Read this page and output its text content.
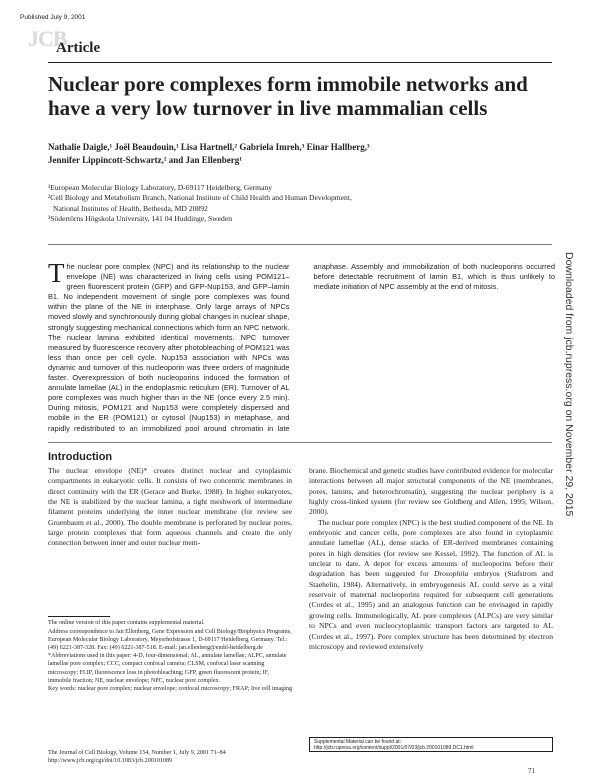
Published July 9, 2001
JCB
Article
Nuclear pore complexes form immobile networks and have a very low turnover in live mammalian cells
Nathalie Daigle,¹ Joël Beaudouin,¹ Lisa Hartnell,² Gabriela Imreh,³ Einar Hallberg,³
Jennifer Lippincott-Schwartz,² and Jan Ellenberg¹
¹European Molecular Biology Laboratory, D-69117 Heidelberg, Germany
²Cell Biology and Metabolism Branch, National Institute of Child Health and Human Development,
National Institutes of Health, Bethesda, MD 20892
³Södertörns Högskola University, 141 04 Huddinge, Sweden
The nuclear pore complex (NPC) and its relationship to the nuclear envelope (NE) was characterized in living cells using POM121–green fluorescent protein (GFP) and GFP-Nup153, and GFP–lamin B1. No independent movement of single pore complexes was found within the plane of the NE in interphase. Only large arrays of NPCs moved slowly and synchronously during global changes in nuclear shape, strongly suggesting mechanical connections which form an NPC network. The nuclear lamina exhibited identical movements. NPC turnover measured by fluorescence recovery after photobleaching of POM121 was less than once per cell cycle. Nup153 association with NPCs was dynamic and turnover of this nucleoporin was three orders of magnitude faster. Overexpression of both nucleoporins induced the formation of annulate lamellae (AL) in the endoplasmic reticulum (ER). Turnover of AL pore complexes was much higher than in the NE (once every 2.5 min). During mitosis, POM121 and Nup153 were completely dispersed and mobile in the ER (POM121) or cytosol (Nup153) in metaphase, and rapidly redistributed to an immobilized pool around chromatin in late anaphase. Assembly and immobilization of both nucleoporins occurred before detectable recruitment of lamin B1, which is thus unlikely to mediate initiation of NPC assembly at the end of mitosis.	Downloaded from jcb.rupress.org on November 29, 2015
Introduction

The nuclear envelope (NE)* creates distinct nuclear and cytoplasmic compartments in eukaryotic cells. It consists of two concentric membranes in direct continuity with the ER (Gerace and Burke, 1988). In higher eukaryotes, the NE is stabilized by the nuclear lamina, a tight meshwork of intermediate filament proteins underlying the inner nuclear membrane (for review see Gruenbaum et al., 2000). The double membrane is perforated by nuclear pores, large protein complexes that form aqueous channels and create the only connection between inner and outer nuclear mem-

brane. Biochemical and genetic studies have contributed evidence for molecular interactions between all major structural components of the NE (membranes, pores, lamins, and heterochromatin), suggesting the nuclear periphery is a highly cross-linked system (for review see Goldberg and Allen, 1995; Wilson, 2000).

The nuclear pore complex (NPC) is the best studied component of the NE. In embryonic and cancer cells, pore complexes are also found in cytoplasmic annulate lamellae (AL), dense stacks of ER-derived membranes containing pores in high densities (for review see Kessel, 1992). The function of AL is unclear to date. A depot for excess amounts of nucleoporins before their degradation has been suggested for Drosophila embryos (Stafstrom and Staehelin, 1984). Alternatively, in embryogenesis AL could serve as a vital reservoir of maternal nucleoporins required for subsequent cell generations (Cordes et al., 1995) and an analogous function can be envisaged in rapidly growing cells. Immunologically, AL pore complexes (ALPCs) are very similar to NPCs and even nucleocytoplasmic transport factors are targeted to AL (Cordes et al., 1997). Pore complex structure has been determined by electron microscopy and reviewed extensively

The online version of this paper contains supplemental material.
Address correspondence to Jan Ellenberg, Gene Expression and Cell Biology/Biophysics Programs, European Molecular Biology Laboratory, Meyerhofstrasse 1, D-69117 Heidelberg, Germany. Tel.: (49) 6221-387-328. Fax: (49) 6221-387-518. E-mail: jan.ellenberg@embl-heidelberg.de
*Abbreviations used in this paper: 4-D, four-dimensional; AL, annulate lamellae; ALPC, annulate lamellae pore complex; CCC, compact confocal camera; CLSM, confocal laser scanning microscopy; FLIP, fluorescence loss in photobleaching; GFP, green fluorescent protein; IF, immobile fraction; NE, nuclear envelope; NPC, nuclear pore complex.
Key words: nuclear pore complex; nuclear envelope; confocal microscopy; FRAP; live cell imaging
The Journal of Cell Biology, Volume 154, Number 1, July 9, 2001 71–84
http://www.jcb.org/cgi/doi/10.1083/jcb.200101089
Supplemental Material can be found at:
http://jcb.rupress.org/content/suppl/2001/07/03/jcb.200101089.DC1.html
71
